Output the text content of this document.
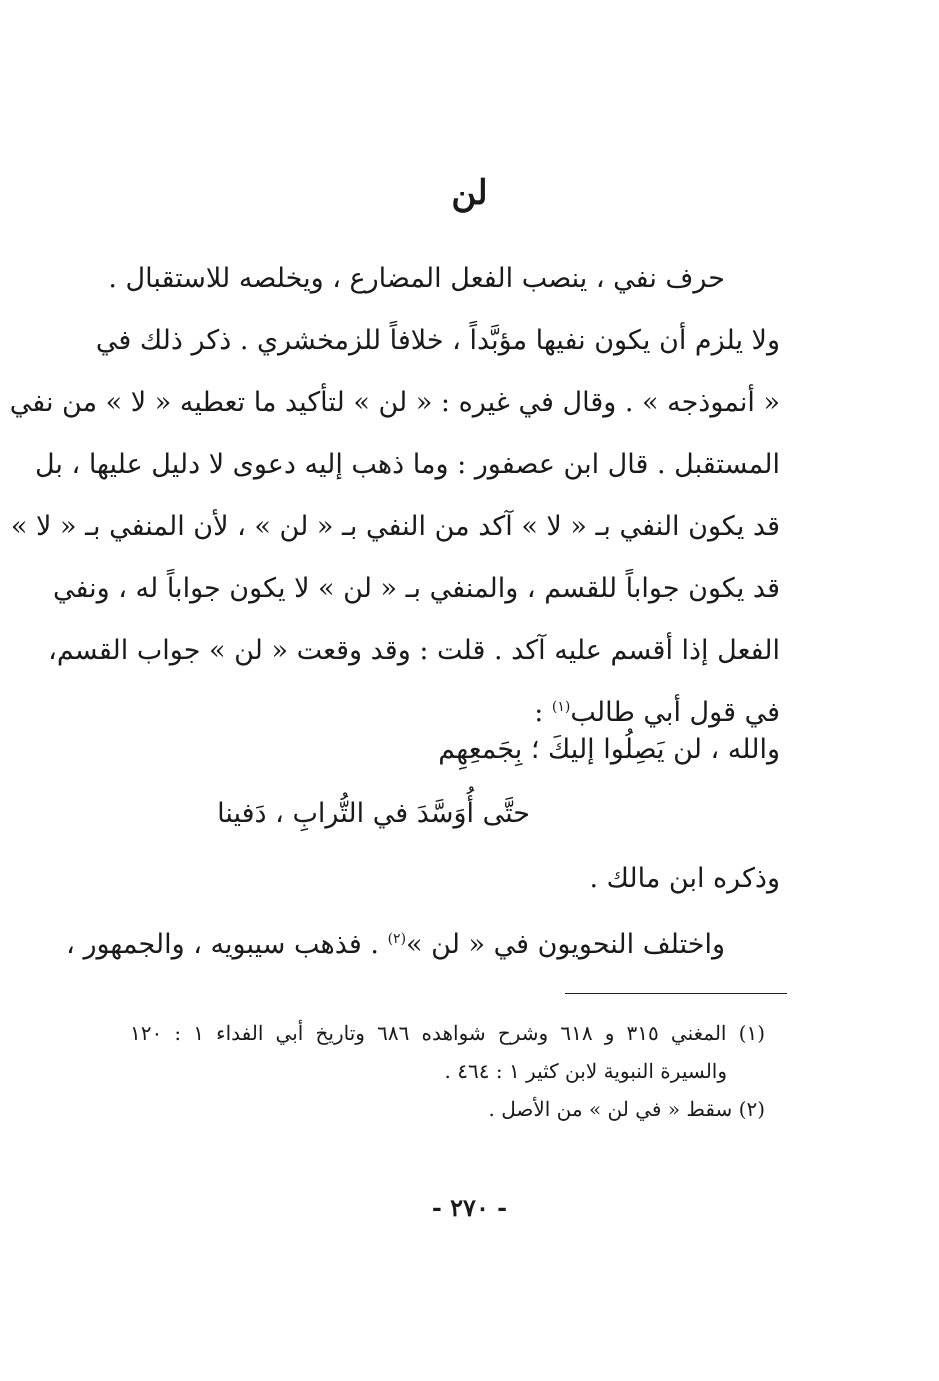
لن
حرف نفي ، ينصب الفعل المضارع ، ويخلصه للاستقبال .
ولا يلزم أن يكون نفيها مؤبَّداً ، خلافاً للزمخشري . ذكر ذلك في
« أنموذجه » . وقال في غيره : « لن » لتأكيد ما تعطيه « لا » من نفي
المستقبل . قال ابن عصفور : وما ذهب إليه دعوى لا دليل عليها ، بل
قد يكون النفي بـ « لا » آكد من النفي بـ « لن » ، لأن المنفي بـ « لا »
قد يكون جواباً للقسم ، والمنفي بـ « لن » لا يكون جواباً له ، ونفي
الفعل إذا أقسم عليه آكد . قلت : وقد وقعت « لن » جواب القسم،
في قول أبي طالب$^{(١)}$ :
والله ، لن يَصِلُوا إليكَ ؛ بِجَمعِهِم
حتَّى أُوَسَّدَ في التُّرابِ ، دَفينا
وذكره ابن مالك .
واختلف النحويون في « لن »$^{(٢)}$ . فذهب سيبويه ، والجمهور ،
(١) المغني ٣١٥ و ٦١٨ وشرح شواهده ٦٨٦ وتاريخ أبي الفداء ١ : ١٢٠
والسيرة النبوية لابن كثير ١ : ٤٦٤ .
(٢) سقط « في لن » من الأصل .
- ٢٧٠ -
